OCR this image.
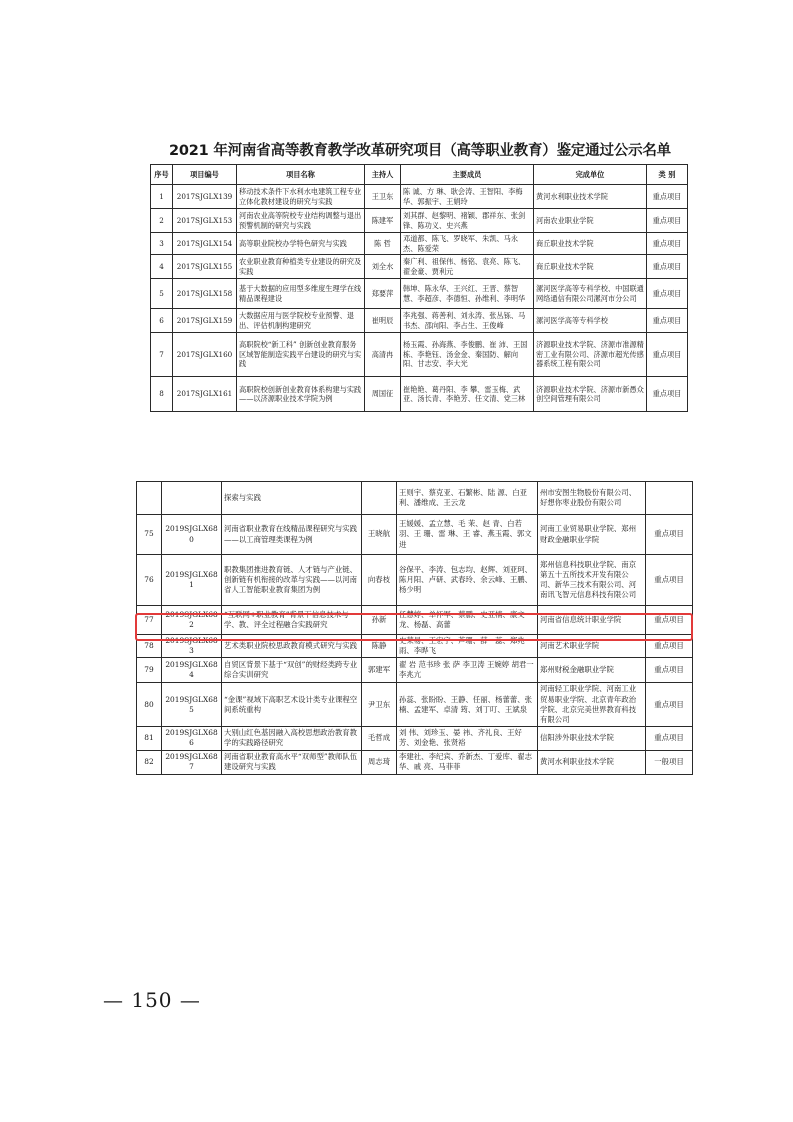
2021 年河南省高等教育教学改革研究项目（高等职业教育）鉴定通过公示名单
序号	项目编号	项目名称	主持人	主要成员	完成单位	类 别
1	2017SJGLX139	移动技术条件下水利水电建筑工程专业立体化教材建设的研究与实践	王卫东	陈 诚、方 琳、耿会涛、王智阳、李梅华、郭振宇、王娟玲	黄河水利职业技术学院	重点项目
2	2017SJGLX153	河南农业高等院校专业结构调整与退出预警机制的研究与实践	陈建军	刘其群、赵黎明、褚颖、郡祥东、张剑锋、陈功义、史兴燕	河南农业职业学院	重点项目
3	2017SJGLX154	高等职业院校办学特色研究与实践	陈 哲	邓道都、陈飞、罗晓军、朱凯、马永杰、陈爱荣	商丘职业技术学院	重点项目
4	2017SJGLX155	农业职业教育种植类专业建设的研究及实践	刘全水	秦广利、祖保伟、杨铭、袁亮、陈飞、翟金豪、贾利元	商丘职业技术学院	重点项目
5	2017SJGLX158	基于大数据的应用型多维度生理学在线精品课程建设	郑要萍	韩坤、陈永华、王兴红、王晋、蔡智慧、李超彦、李德恒、孙维利、李明华	漯河医学高等专科学校、中国联通网络通信有限公司漯河市分公司	重点项目
6	2017SJGLX159	大数据应用与医学院校专业预警、退出、评估机制构建研究	崔明辰	李兆强、蒋善利、刘永涛、张丛铄、马书杰、邵向阳、李占生、王俊峰	漯河医学高等专科学校	重点项目
7	2017SJGLX160	高职院校“新工科” 创新创业教育服务区域智能制造实践平台建设的研究与实践	高清冉	杨玉霞、孙海燕、李俊鹏、崔 沛、王国栋、李艳钰、汤金金、秦国防、解向阳、甘志安、李大光	济源职业技术学院、济源市准源精密工业有限公司、济源市超光传感器系统工程有限公司	重点项目
8	2017SJGLX161	高职院校创新创业教育体系构建与实践——以济源职业技术学院为例	周国征	崔艳艳、葛丹阳、李 攀、雷玉梅、武 亚、汤长青、李艳芳、任文清、党三林	济源职业技术学院、济源市新愚众创空间管理有限公司	重点项目
		探索与实践		王则宇、蔡克亚、石繁彬、陆 源、白亚利、潘维成、王云龙	州市安图生物股份有限公司、好想你枣业股份有限公司	
75	2019SJGLX680	河南省职业教育在线精品课程研究与实践——以工商管理类课程为例	王晓航	王媛媛、孟立慧、毛 茉、赵 青、白若羽、王 珊、雷 琳、王 睿、燕玉霞、郭文进	河南工业贸易职业学院、郑州财政金融职业学院	重点项目
76	2019SJGLX681	职教集团推进教育链、人才链与产业链、创新链有机衔接的改革与实践——以河南省人工智能职业教育集团为例	向春枝	谷保平、李涛、包志均、赵辉、刘亚珂、陈月阳、卢研、武春玲、余云峰、王鹏、杨少明	郑州信息科技职业学院、南京第五十五所技术开发有限公司、新华三技术有限公司、河南讯飞智元信息科技有限公司	重点项目
77	2019SJGLX682	“互联网+职业教育”背景下信息技术与学、教、评全过程融合实践研究	孙新	任慧婷、单怀军、蔡鹏、史亚楠、康文龙、杨磊、高蕾	河南省信息统计职业学院	重点项目
78	2019SJGLX683	艺术类职业院校思政教育模式研究与实践	陈静	史荣易、王宏宇、芦珊、薛一蕊、郑兆雨、李晔飞	河南艺术职业学院	重点项目
79	2019SJGLX684	自贸区背景下基于“双创”的财经类跨专业综合实训研究	郭建军	翟 岩 范书珍 张 萨 李卫涛 王婉婷 胡君一 李兆亢	郑州财税金融职业学院	重点项目
80	2019SJGLX685	“金课”视域下高职艺术设计类专业课程空间系统重构	尹卫东	孙蕊、张盼盼、王静、任丽、杨蕾蕾、张楠、孟建军、卓清 筠、刘丁叮、王斌泉	河南轻工职业学院、河南工业贸易职业学院、北京青年政治学院、北京完美世界教育科技有限公司	重点项目
81	2019SJGLX686	大别山红色基因融入高校思想政治教育教学的实践路径研究	毛哲成	刘 伟、刘珍玉、晏 祎、齐礼良、王好芳、刘金艳、张贤裕	信阳涉外职业技术学院	重点项目
82	2019SJGLX687	河南省职业教育高水平“双师型”教师队伍建设研究与实践	周志琦	李建社、李纪宾、乔新杰、丁爱库、翟志华、戚 亮、马菲菲	黄河水利职业技术学院	一般项目
— 150 —
